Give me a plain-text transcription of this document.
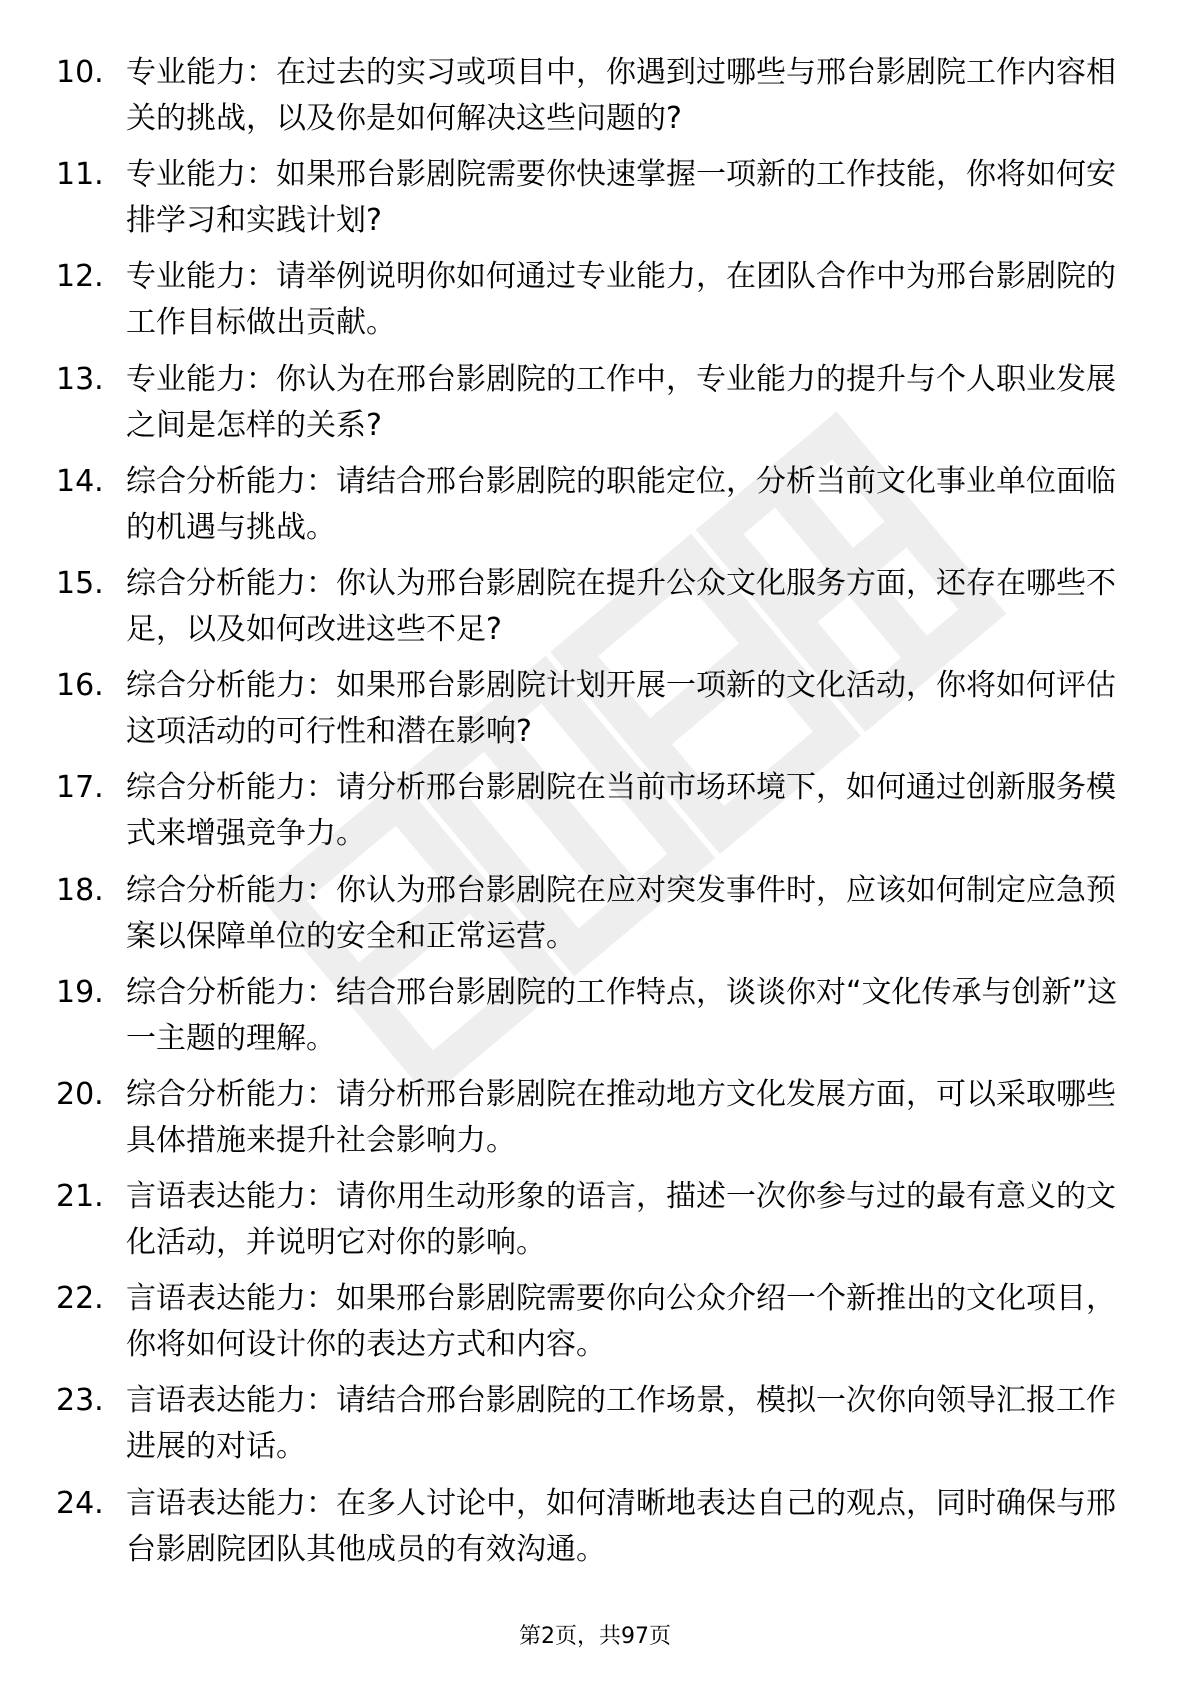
10. 专业能力：在过去的实习或项目中，你遇到过哪些与邢台影剧院工作内容相关的挑战，以及你是如何解决这些问题的?
11. 专业能力：如果邢台影剧院需要你快速掌握一项新的工作技能，你将如何安排学习和实践计划?
12. 专业能力：请举例说明你如何通过专业能力，在团队合作中为邢台影剧院的工作目标做出贡献。
13. 专业能力：你认为在邢台影剧院的工作中，专业能力的提升与个人职业发展之间是怎样的关系?
14. 综合分析能力：请结合邢台影剧院的职能定位，分析当前文化事业单位面临的机遇与挑战。
15. 综合分析能力：你认为邢台影剧院在提升公众文化服务方面，还存在哪些不足，以及如何改进这些不足?
16. 综合分析能力：如果邢台影剧院计划开展一项新的文化活动，你将如何评估这项活动的可行性和潜在影响?
17. 综合分析能力：请分析邢台影剧院在当前市场环境下，如何通过创新服务模式来增强竞争力。
18. 综合分析能力：你认为邢台影剧院在应对突发事件时，应该如何制定应急预案以保障单位的安全和正常运营。
19. 综合分析能力：结合邢台影剧院的工作特点，谈谈你对“文化传承与创新”这一主题的理解。
20. 综合分析能力：请分析邢台影剧院在推动地方文化发展方面，可以采取哪些具体措施来提升社会影响力。
21. 言语表达能力：请你用生动形象的语言，描述一次你参与过的最有意义的文化活动，并说明它对你的影响。
22. 言语表达能力：如果邢台影剧院需要你向公众介绍一个新推出的文化项目，你将如何设计你的表达方式和内容。
23. 言语表达能力：请结合邢台影剧院的工作场景，模拟一次你向领导汇报工作进展的对话。
24. 言语表达能力：在多人讨论中，如何清晰地表达自己的观点，同时确保与邢台影剧院团队其他成员的有效沟通。
第2页，共97页
